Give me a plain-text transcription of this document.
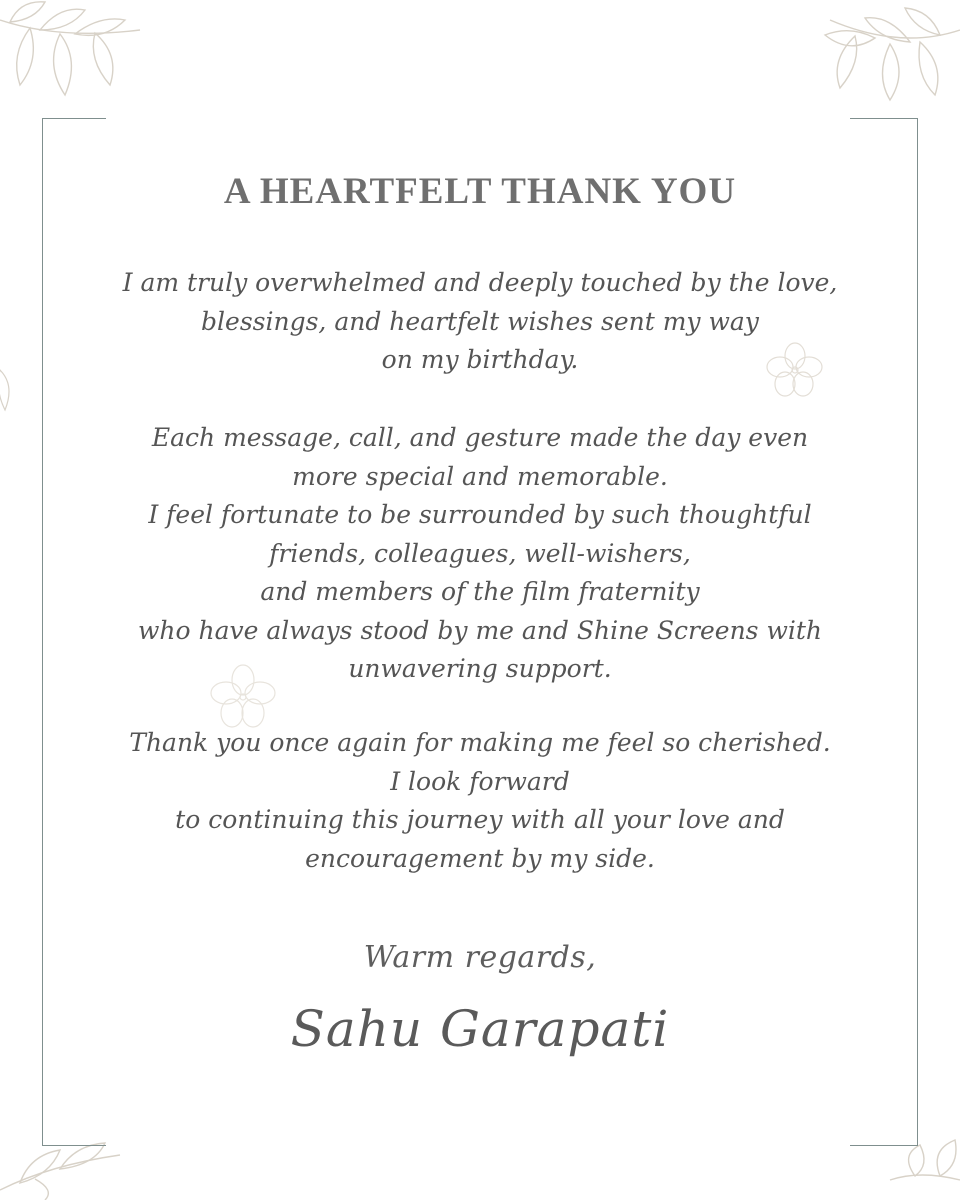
A HEARTFELT THANK YOU
I am truly overwhelmed and deeply touched by the love,
blessings, and heartfelt wishes sent my way
on my birthday.
Each message, call, and gesture made the day even
more special and memorable.
I feel fortunate to be surrounded by such thoughtful
friends, colleagues, well-wishers,
and members of the film fraternity
who have always stood by me and Shine Screens with
unwavering support.
Thank you once again for making me feel so cherished.
I look forward
to continuing this journey with all your love and
encouragement by my side.
Warm regards,
Sahu Garapati
